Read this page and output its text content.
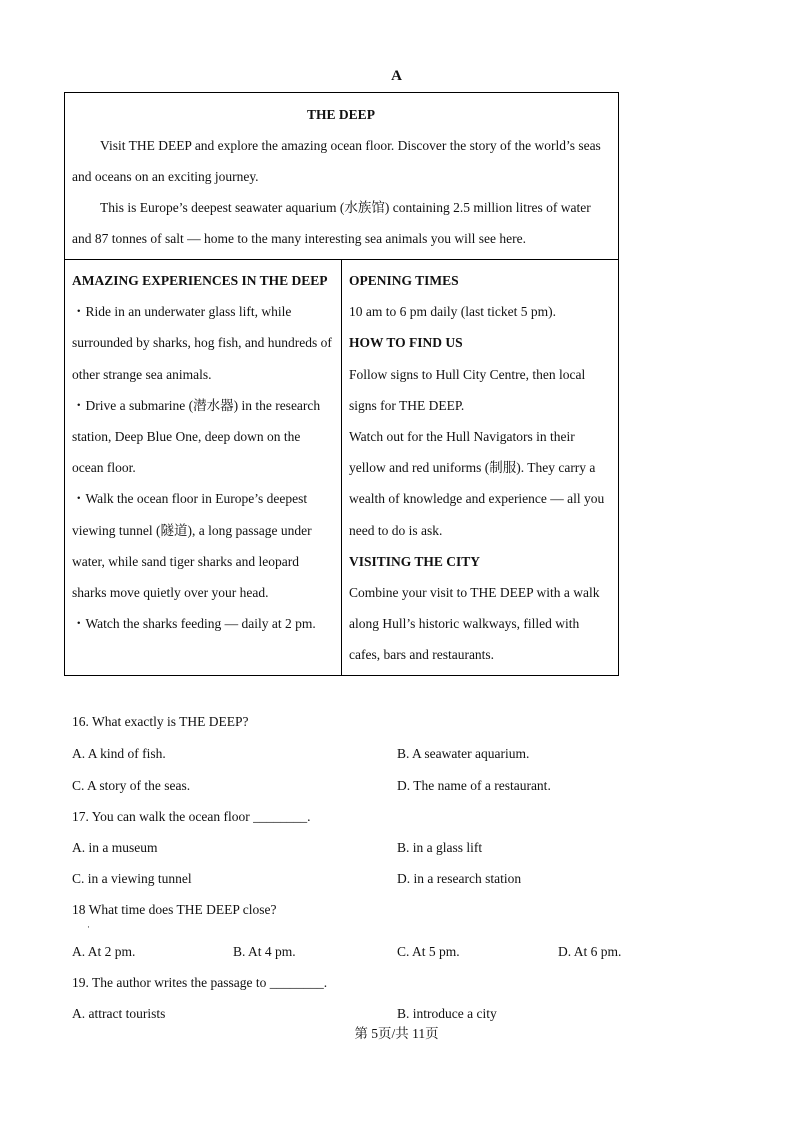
A
THE DEEP

Visit THE DEEP and explore the amazing ocean floor. Discover the story of the world’s seas and oceans on an exciting journey.

This is Europe’s deepest seawater aquarium (水族馆) containing 2.5 million litres of water and 87 tonnes of salt — home to the many interesting sea animals you will see here.

AMAZING EXPERIENCES IN THE DEEP
・ Ride in an underwater glass lift, while surrounded by sharks, hog fish, and hundreds of other strange sea animals.
・ Drive a submarine (潜水器) in the research station, Deep Blue One, deep down on the ocean floor.
・ Walk the ocean floor in Europe’s deepest viewing tunnel (隧道), a long passage under water, while sand tiger sharks and leopard sharks move quietly over your head.
・ Watch the sharks feeding — daily at 2 pm.
OPENING TIMES
10 am to 6 pm daily (last ticket 5 pm).
HOW TO FIND US
Follow signs to Hull City Centre, then local signs for THE DEEP.
Watch out for the Hull Navigators in their yellow and red uniforms (制服). They carry a wealth of knowledge and experience — all you need to do is ask.
VISITING THE CITY
Combine your visit to THE DEEP with a walk along Hull’s historic walkways, filled with cafes, bars and restaurants.
16. What exactly is THE DEEP?
A. A kind of fish.	B. A seawater aquarium.
C. A story of the seas.	D. The name of a restaurant.
17. You can walk the ocean floor ________.
A. in a museum	B. in a glass lift
C. in a viewing tunnel	D. in a research station
18 What time does THE DEEP close?
·
A. At 2 pm.	B. At 4 pm.	C. At 5 pm.	D. At 6 pm.
19. The author writes the passage to ________.
A. attract tourists	B. introduce a city
第 5页/共 11页
